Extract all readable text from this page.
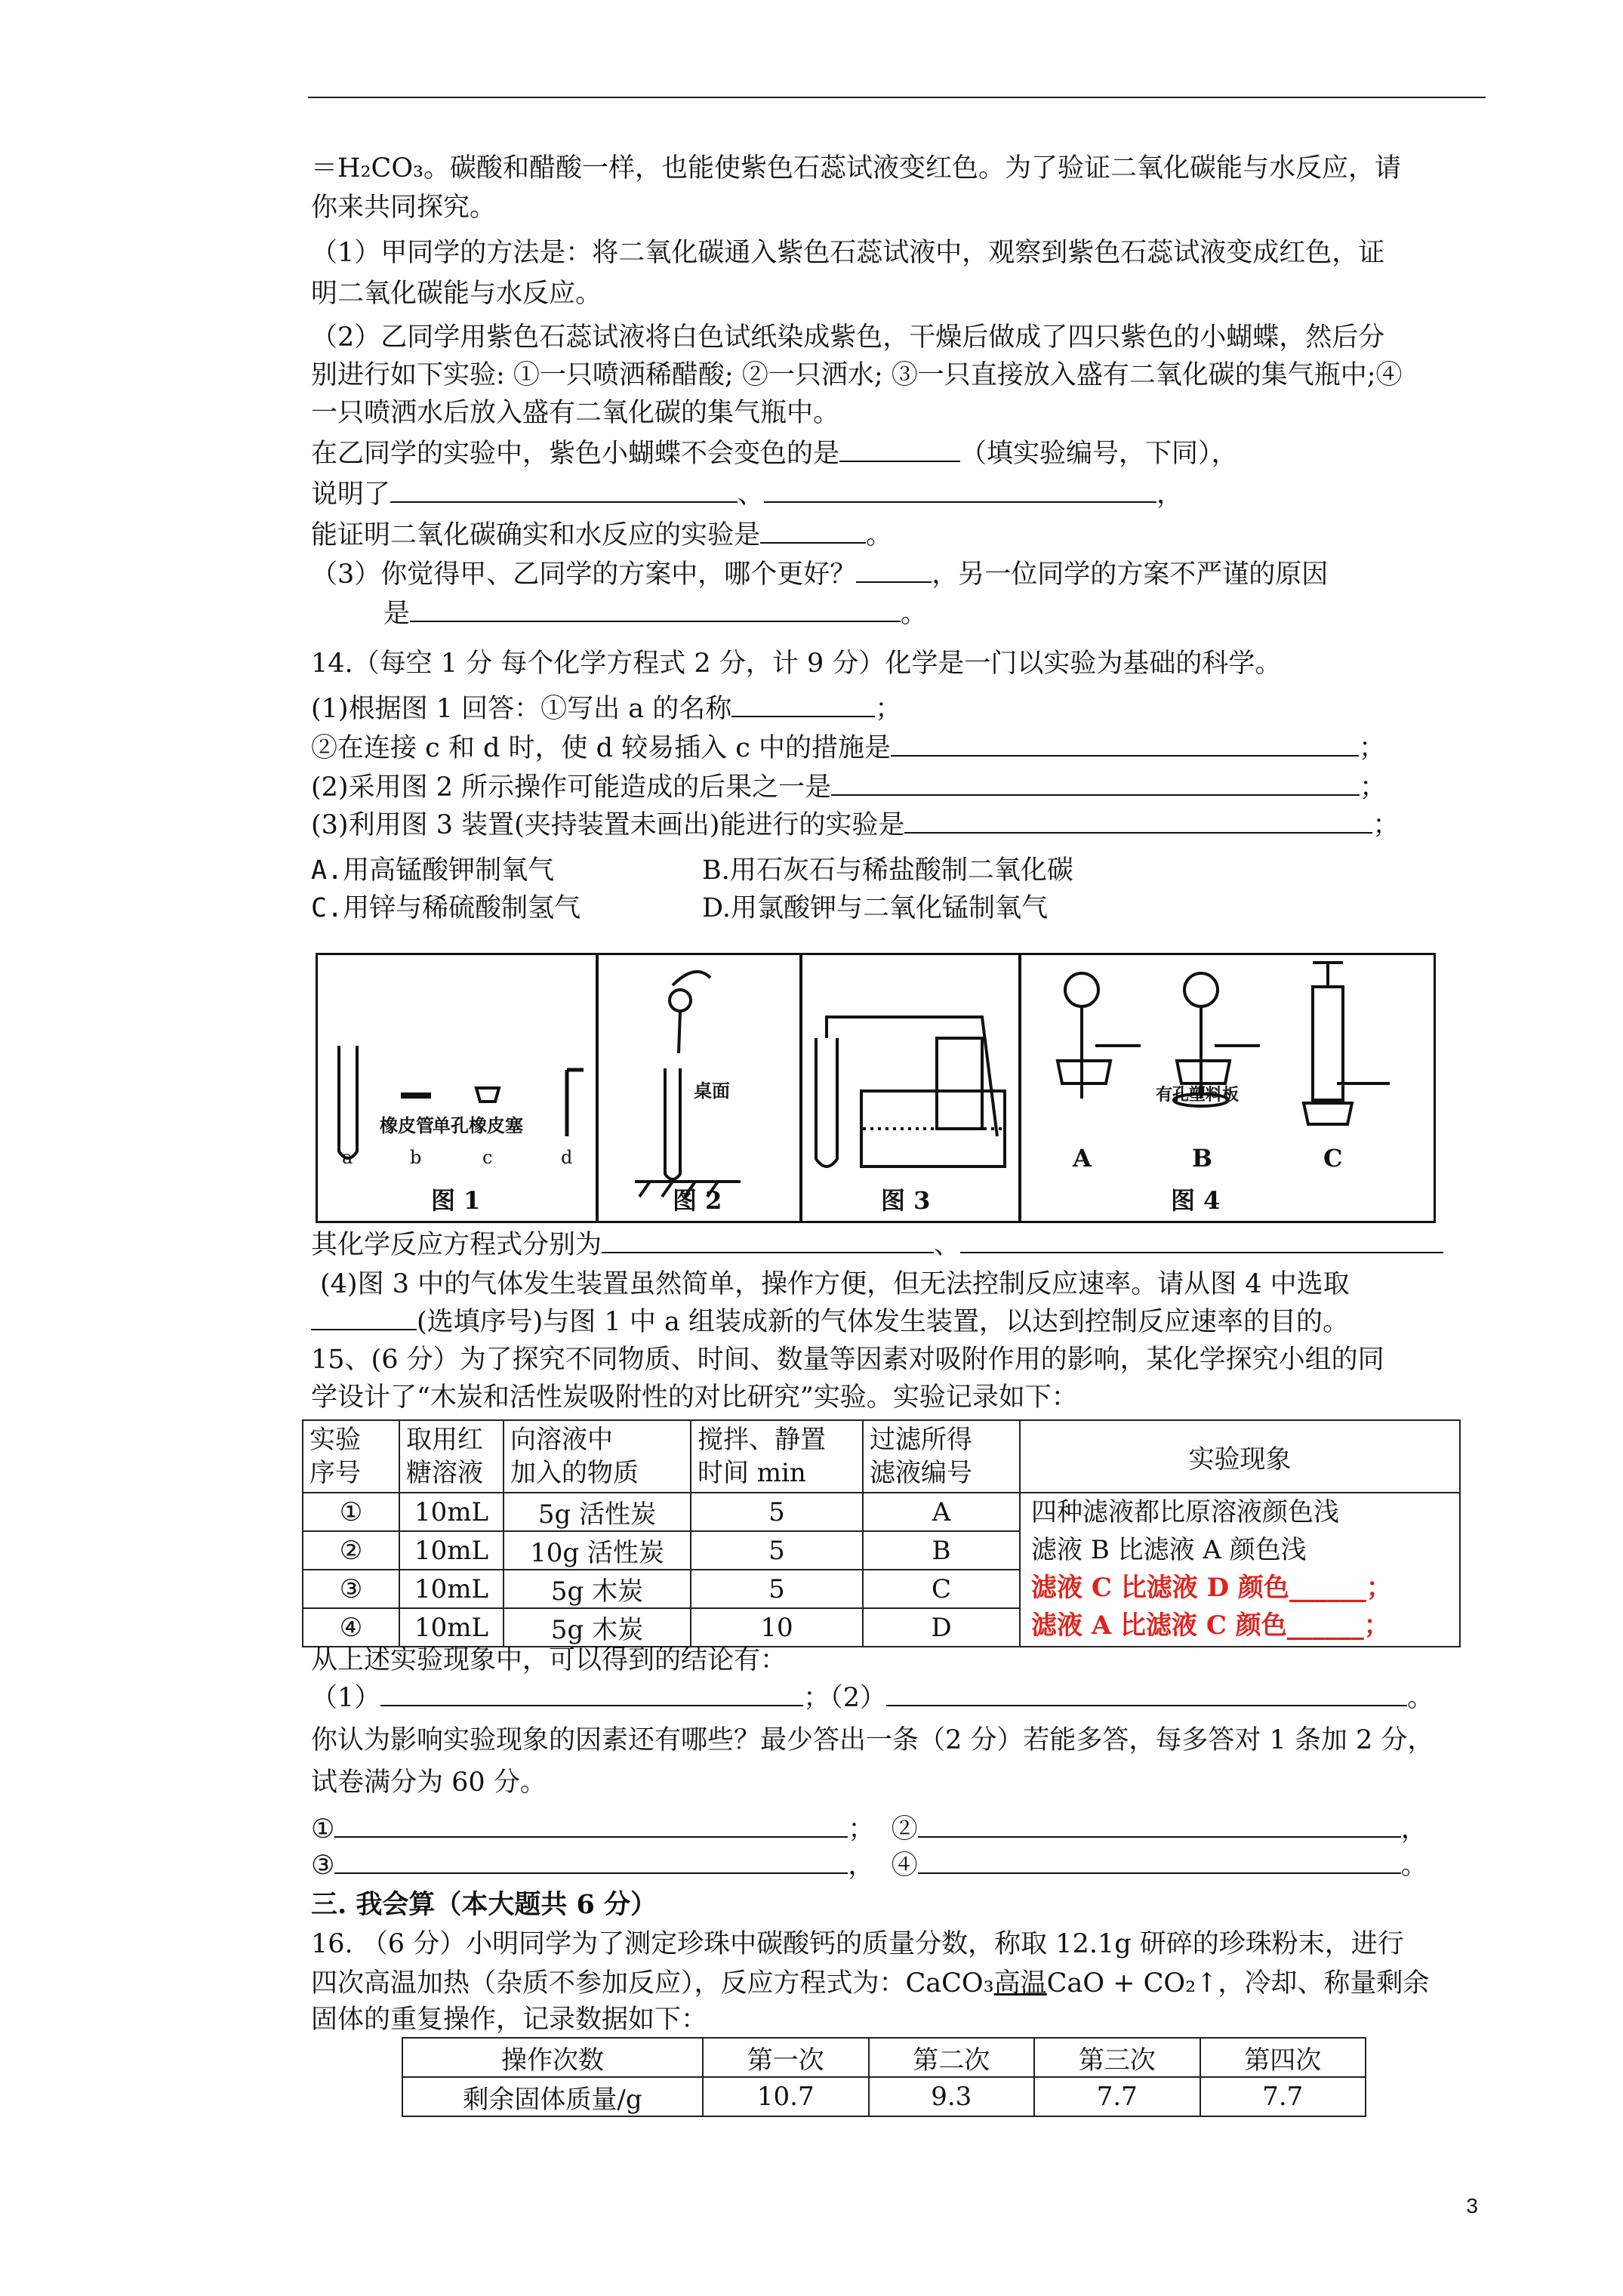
＝H₂CO₃。碳酸和醋酸一样，也能使紫色石蕊试液变红色。为了验证二氧化碳能与水反应，请
你来共同探究。
（1）甲同学的方法是：将二氧化碳通入紫色石蕊试液中，观察到紫色石蕊试液变成红色，证
明二氧化碳能与水反应。
（2）乙同学用紫色石蕊试液将白色试纸染成紫色，干燥后做成了四只紫色的小蝴蝶，然后分
别进行如下实验: ①一只喷洒稀醋酸; ②一只洒水; ③一只直接放入盛有二氧化碳的集气瓶中;④
一只喷洒水后放入盛有二氧化碳的集气瓶中。
在乙同学的实验中，紫色小蝴蝶不会变色的是	（填实验编号，下同），
说明了	、	，
能证明二氧化碳确实和水反应的实验是	。
（3）你觉得甲、乙同学的方案中，哪个更好？	，另一位同学的方案不严谨的原因
是	。
14.（每空 1 分 每个化学方程式 2 分，计 9 分）化学是一门以实验为基础的科学。
(1)根据图 1 回答：①写出 a 的名称	；
②在连接 c 和 d 时，使 d 较易插入 c 中的措施是	；
(2)采用图 2 所示操作可能造成的后果之一是	；
(3)利用图 3 装置(夹持装置未画出)能进行的实验是	；
A.用高锰酸钾制氧气	B.用石灰石与稀盐酸制二氧化碳
C.用锌与稀硫酸制氢气	D.用氯酸钾与二氧化锰制氧气
橡皮管
单孔橡皮塞
a	b	c	d
桌面	有孔塑料板
A	B	C
图 1	图 2	图 3	图 4
其化学反应方程式分别为	、
(4)图 3 中的气体发生装置虽然简单，操作方便，但无法控制反应速率。请从图 4 中选取
(选填序号)与图 1 中 a 组装成新的气体发生装置，以达到控制反应速率的目的。
15、(6 分）为了探究不同物质、时间、数量等因素对吸附作用的影响，某化学探究小组的同
学设计了“木炭和活性炭吸附性的对比研究”实验。实验记录如下：
实验
序号	取用红
糖溶液	向溶液中
加入的物质	搅拌、静置
时间 min	过滤所得
滤液编号	实验现象
①	10mL	5g 活性炭	5	A	四种滤液都比原溶液颜色浅
滤液 B 比滤液 A 颜色浅
滤液 C 比滤液 D 颜色______；
滤液 A 比滤液 C 颜色______；

②	10mL	10g 活性炭	5	B	
③	10mL	5g 木炭	5	C	
④	10mL	5g 木炭	10	D	
从上述实验现象中，可以得到的结论有：
（1）	；（2）	。
你认为影响实验现象的因素还有哪些？最少答出一条（2 分）若能多答，每多答对 1 条加 2 分，
试卷满分为 60 分。
①	； ②	，
③	， ④	。
三. 我会算（本大题共 6 分）
16. （6 分）小明同学为了测定珍珠中碳酸钙的质量分数，称取 12.1g 研碎的珍珠粉末，进行
四次高温加热（杂质不参加反应），反应方程式为：CaCO₃高温CaO + CO₂↑，冷却、称量剩余
固体的重复操作，记录数据如下：
操作次数	第一次	第二次	第三次	第四次
剩余固体质量/g	10.7	9.3	7.7	7.7
3
